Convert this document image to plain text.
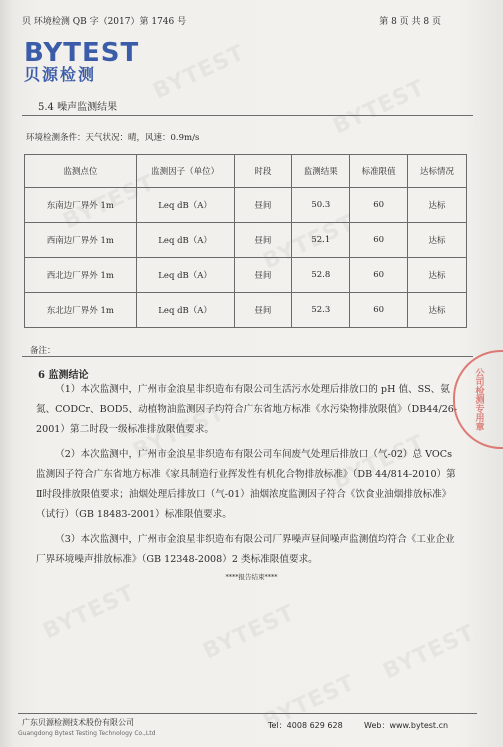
贝 环境检测 QB 字（2017）第 1746 号	第 8 页 共 8 页
BYTEST
贝源检测
5.4 噪声监测结果
环境检测条件：天气状况：晴，风速：0.9m/s
监测点位	监测因子（单位）	时段	监测结果	标准限值	达标情况
东南边厂界外 1m	Leq dB（A）	昼间	50.3	60	达标
西南边厂界外 1m	Leq dB（A）	昼间	52.1	60	达标
西北边厂界外 1m	Leq dB（A）	昼间	52.8	60	达标
东北边厂界外 1m	Leq dB（A）	昼间	52.3	60	达标
备注：
6 监测结论
（1）本次监测中，广州市金浪星非织造布有限公司生活污水处理后排放口的 pH 值、SS、氨氮、CODCr、BOD5、动植物油监测因子均符合广东省地方标准《水污染物排放限值》（DB44/26-2001）第二时段一级标准排放限值要求。
（2）本次监测中，广州市金浪星非织造布有限公司车间废气处理后排放口（气-02）总 VOCs 监测因子符合广东省地方标准《家具制造行业挥发性有机化合物排放标准》（DB 44/814-2010）第Ⅱ时段排放限值要求；油烟处理后排放口（气-01）油烟浓度监测因子符合《饮食业油烟排放标准》（试行）（GB 18483-2001）标准限值要求。
（3）本次监测中，广州市金浪星非织造布有限公司厂界噪声昼间噪声监测值均符合《工业企业厂界环境噪声排放标准》（GB 12348-2008）2 类标准限值要求。
****报告结束****
公司检测专用章
广东贝源检测技术股份有限公司
Guangdong Bytest Testing Technology Co.,Ltd
Tel：4008 629 628	Web：www.bytest.cn
